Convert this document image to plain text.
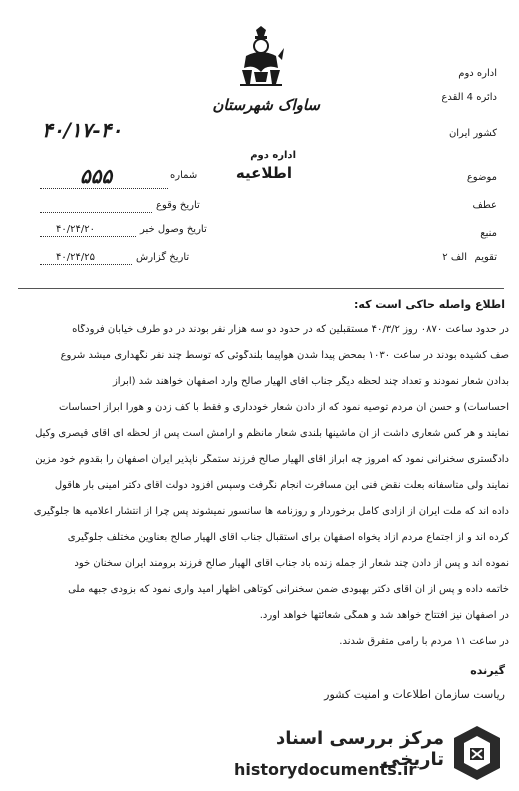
ساواک شهرستان
اداره دوم
اطلاعیه
اداره دوم
دائره 4 القدع
کشور ایران
موضوع
عطف
منبع
تقویم
الف ۲
۴۰/۱۷-۴۰
شماره
۵۵۵
تاریخ وقوع
تاریخ وصول خبر
۴۰/۲۴/۲۰
تاریخ گزارش
۴۰/۲۴/۲۵
اطلاع واصله حاکی است که:
در حدود ساعت ۰۸۷۰ روز ۴۰/۳/۲ مستقبلین که در حدود دو سه هزار نفر بودند در دو طرف خیابان فرودگاه
صف کشیده بودند در ساعت ۱۰۳۰ بمحض پیدا شدن هواپیما بلندگوئی که توسط چند نفر نگهداری میشد شروع
بدادن شعار نمودند و تعداد چند لحظه دیگر جناب آقای الهیار صالح وارد اصفهان خواهند شد (ابراز
احساسات) و حسن آن مردم توصیه نمود که از دادن شعار خودداری و فقط با کف زدن و هورا ابراز احساسات
نمایند و هر کس شعاری داشت از آن ماشینها بلندی شعار مانظم و آرامش است پس از لحظه ای آقای قیصری وکیل
دادگستری سخنرانی نمود که امروز چه ابراز آقای الهیار صالح فرزند ستمگر ناپذیر ایران اصفهان را بقدوم خود مزین
نمایند ولی متاسفانه بعلت نقض فنی این مسافرت انجام نگرفت وسپس افزود دولت آقای دکتر امینی بار هاقول
داده اند که ملت ایران از آزادی کامل برخوردار و روزنامه ها سانسور نمیشوند پس چرا از انتشار اعلامیه ها جلوگیری
کرده اند و از اجتماع مردم آزاد یخواه اصفهان برای استقبال جناب آقای الهیار صالح بعناوین مختلف جلوگیری
نموده اند و پس از دادن چند شعار از جمله زنده باد جناب آقای الهیار صالح فرزند برومند ایران سخنان خود
خاتمه داده و پس از آن آقای دکتر بهبودی ضمن سخنرانی کوتاهی اظهار امید واری نمود که بزودی جبهه ملی
در اصفهان نیز افتتاح خواهد شد و همگی شعائتها خواهد آورد.
در ساعت ۱۱ مردم با رامی متفرق شدند.
گیرنده
ریاست سازمان اطلاعات و امنیت کشور
مرکز بررسی اسناد تاریخی
historydocuments.ir
